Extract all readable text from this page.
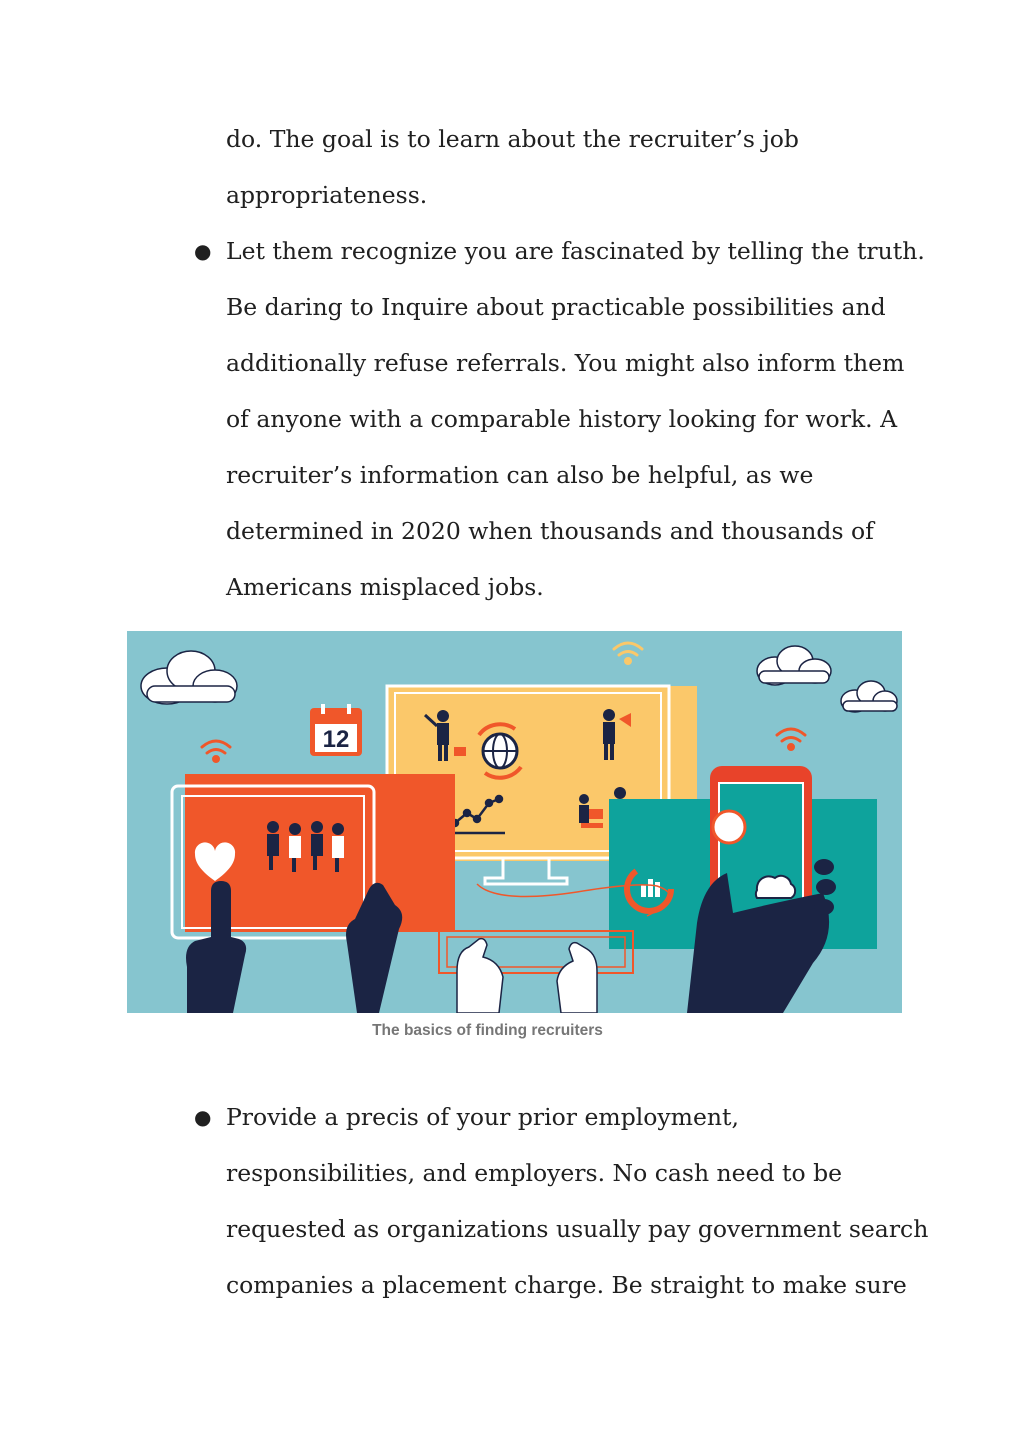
do. The goal is to learn about the recruiter’s job
appropriateness.
● Let them recognize you are fascinated by telling the truth.
Be daring to Inquire about practicable possibilities and
additionally refuse referrals. You might also inform them
of anyone with a comparable history looking for work. A
recruiter’s information can also be helpful, as we
determined in 2020 when thousands and thousands of
Americans misplaced jobs.
12
The basics of finding recruiters
● Provide a precis of your prior employment,
responsibilities, and employers. No cash need to be
requested as organizations usually pay government search
companies a placement charge. Be straight to make sure
